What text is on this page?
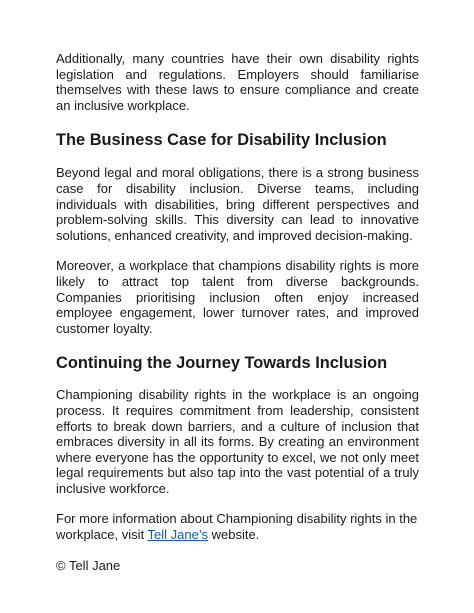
Additionally, many countries have their own disability rights legislation and regulations. Employers should familiarise themselves with these laws to ensure compliance and create an inclusive workplace.

The Business Case for Disability Inclusion

Beyond legal and moral obligations, there is a strong business case for disability inclusion. Diverse teams, including individuals with disabilities, bring different perspectives and problem-solving skills. This diversity can lead to innovative solutions, enhanced creativity, and improved decision-making.

Moreover, a workplace that champions disability rights is more likely to attract top talent from diverse backgrounds. Companies prioritising inclusion often enjoy increased employee engagement, lower turnover rates, and improved customer loyalty.

Continuing the Journey Towards Inclusion

Championing disability rights in the workplace is an ongoing process. It requires commitment from leadership, consistent efforts to break down barriers, and a culture of inclusion that embraces diversity in all its forms. By creating an environment where everyone has the opportunity to excel, we not only meet legal requirements but also tap into the vast potential of a truly inclusive workforce.

For more information about Championing disability rights in the workplace, visit Tell Jane’s website.

© Tell Jane
